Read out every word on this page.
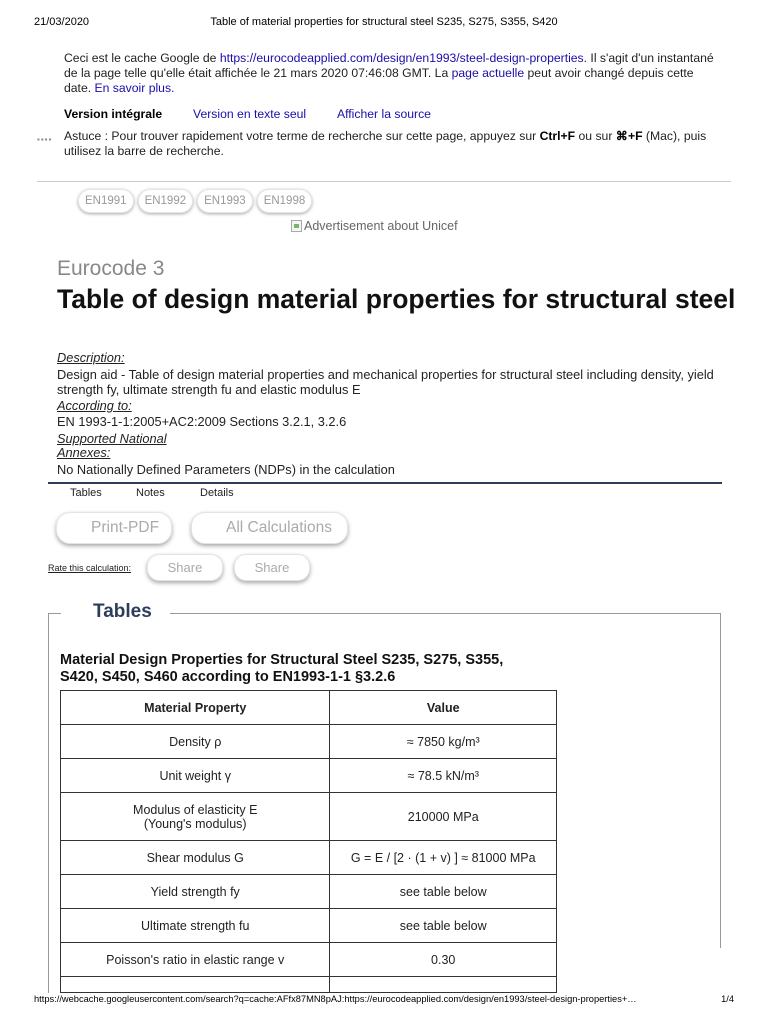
21/03/2020	Table of material properties for structural steel S235, S275, S355, S420
Ceci est le cache Google de https://eurocodeapplied.com/design/en1993/steel-design-properties. Il s'agit d'un instantané de la page telle qu'elle était affichée le 21 mars 2020 07:46:08 GMT. La page actuelle peut avoir changé depuis cette date. En savoir plus.
Version intégrale	Version en texte seul	Afficher la source
▪▪▪▪ Astuce : Pour trouver rapidement votre terme de recherche sur cette page, appuyez sur Ctrl+F ou sur ⌘+F (Mac), puis utilisez la barre de recherche.
EN1991	EN1992	EN1993	EN1998
Advertisement about Unicef
Eurocode 3
Table of design material properties for structural steel
Description:
Design aid - Table of design material properties and mechanical properties for structural steel including density, yield strength fy, ultimate strength fu and elastic modulus E
According to:
EN 1993-1-1:2005+AC2:2009 Sections 3.2.1, 3.2.6
Supported National
Annexes:
No Nationally Defined Parameters (NDPs) in the calculation
Tables	Notes	Details
Print-PDF	All Calculations
Rate this calculation:	Share	Share
Tables
Material Design Properties for Structural Steel S235, S275, S355, S420, S450, S460 according to EN1993-1-1 §3.2.6
Material Property	Value
Density ρ	≈ 7850 kg/m³
Unit weight γ	≈ 78.5 kN/m³

Modulus of elasticity E
(Young's modulus)	210000 MPa
Shear modulus G	G = E / [2 · (1 + v) ] ≈ 81000 MPa
Yield strength fy	see table below
Ultimate strength fu	see table below
Poisson's ratio in elastic range v	0.30

https://webcache.googleusercontent.com/search?q=cache:AFfx87MN8pAJ:https://eurocodeapplied.com/design/en1993/steel-design-properties+…	1/4
